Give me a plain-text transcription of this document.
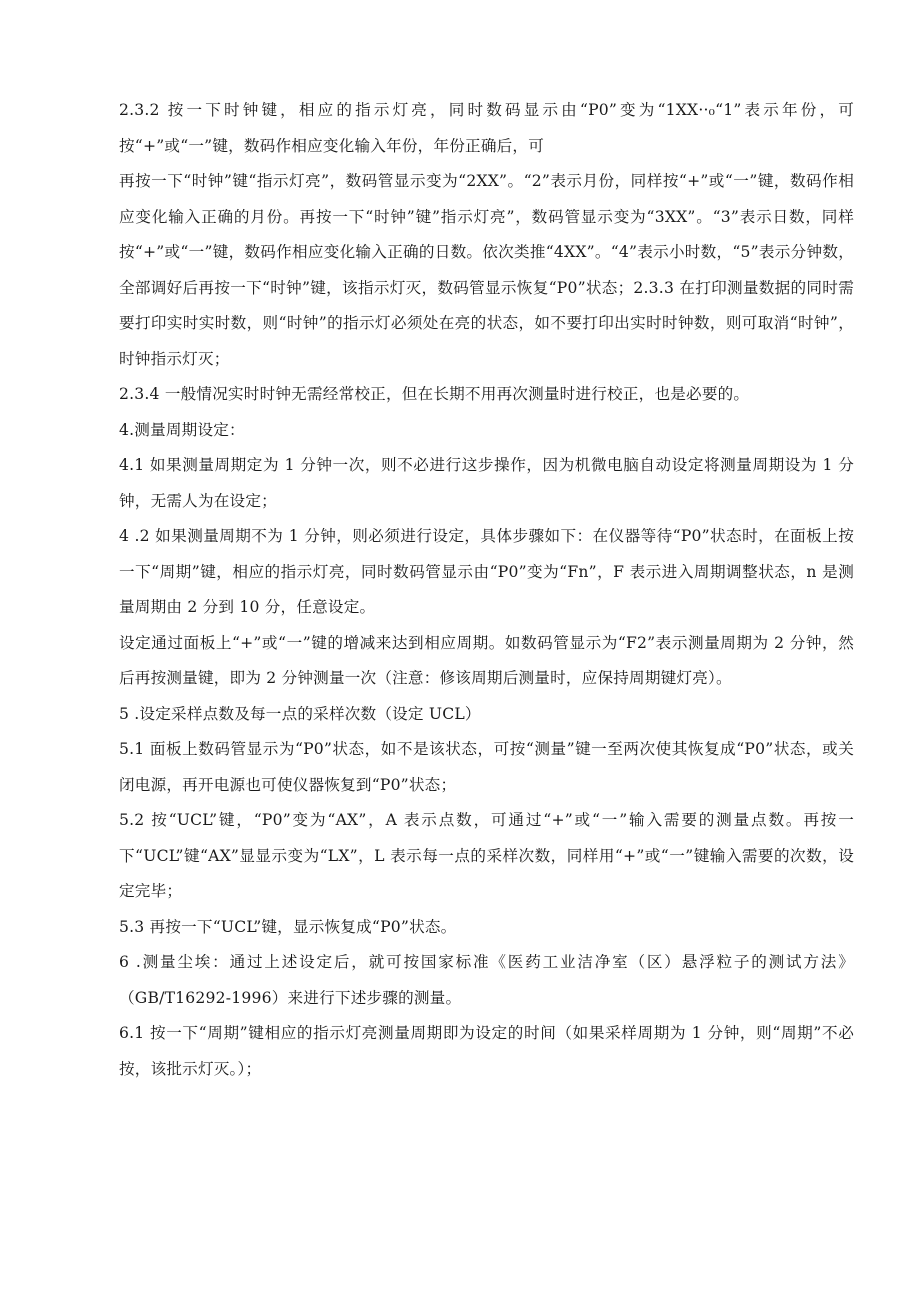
2.3.2 按一下时钟键，相应的指示灯亮，同时数码显示由“P0”变为“1XX··₀“1”表示年份，可按“+”或“一”键，数码作相应变化输入年份，年份正确后，可

再按一下“时钟”键“指示灯亮”，数码管显示变为“2XX”。“2”表示月份，同样按“+”或“一”键，数码作相应变化输入正确的月份。再按一下“时钟”键”指示灯亮”，数码管显示变为“3XX”。“3”表示日数，同样按“+”或“一”键，数码作相应变化输入正确的日数。依次类推“4XX”。“4”表示小时数，“5”表示分钟数，全部调好后再按一下“时钟”键，该指示灯灭，数码管显示恢复“P0”状态；2.3.3 在打印测量数据的同时需要打印实时实时数，则“时钟”的指示灯必须处在亮的状态，如不要打印出实时时钟数，则可取消“时钟”，时钟指示灯灭；

2.3.4 一般情况实时时钟无需经常校正，但在长期不用再次测量时进行校正，也是必要的。

4.测量周期设定：

4.1 如果测量周期定为 1 分钟一次，则不必进行这步操作，因为机微电脑自动设定将测量周期设为 1 分钟，无需人为在设定；

4 .2 如果测量周期不为 1 分钟，则必须进行设定，具体步骤如下：在仪器等待“P0”状态时，在面板上按一下“周期”键，相应的指示灯亮，同时数码管显示由“P0”变为“Fn”，F 表示进入周期调整状态，n 是测量周期由 2 分到 10 分，任意设定。

设定通过面板上“+”或“一”键的增减来达到相应周期。如数码管显示为“F2”表示测量周期为 2 分钟，然后再按测量键，即为 2 分钟测量一次（注意：修该周期后测量时，应保持周期键灯亮）。

5 .设定采样点数及每一点的采样次数（设定 UCL）

5.1 面板上数码管显示为“P0”状态，如不是该状态，可按“测量”键一至两次使其恢复成“P0”状态，或关闭电源，再开电源也可使仪器恢复到“P0”状态；

5.2 按“UCL”键，“P0”变为“AX”，A 表示点数，可通过“+”或“一”输入需要的测量点数。再按一下“UCL”键“AX”显显示变为“LX”，L 表示每一点的采样次数，同样用“+”或“一”键输入需要的次数，设定完毕；

5.3 再按一下“UCL”键，显示恢复成“P0”状态。

6 .测量尘埃：通过上述设定后，就可按国家标准《医药工业洁净室（区）悬浮粒子的测试方法》（GB/T16292-1996）来进行下述步骤的测量。

6.1 按一下“周期”键相应的指示灯亮测量周期即为设定的时间（如果采样周期为 1 分钟，则“周期”不必按，该批示灯灭。）；
